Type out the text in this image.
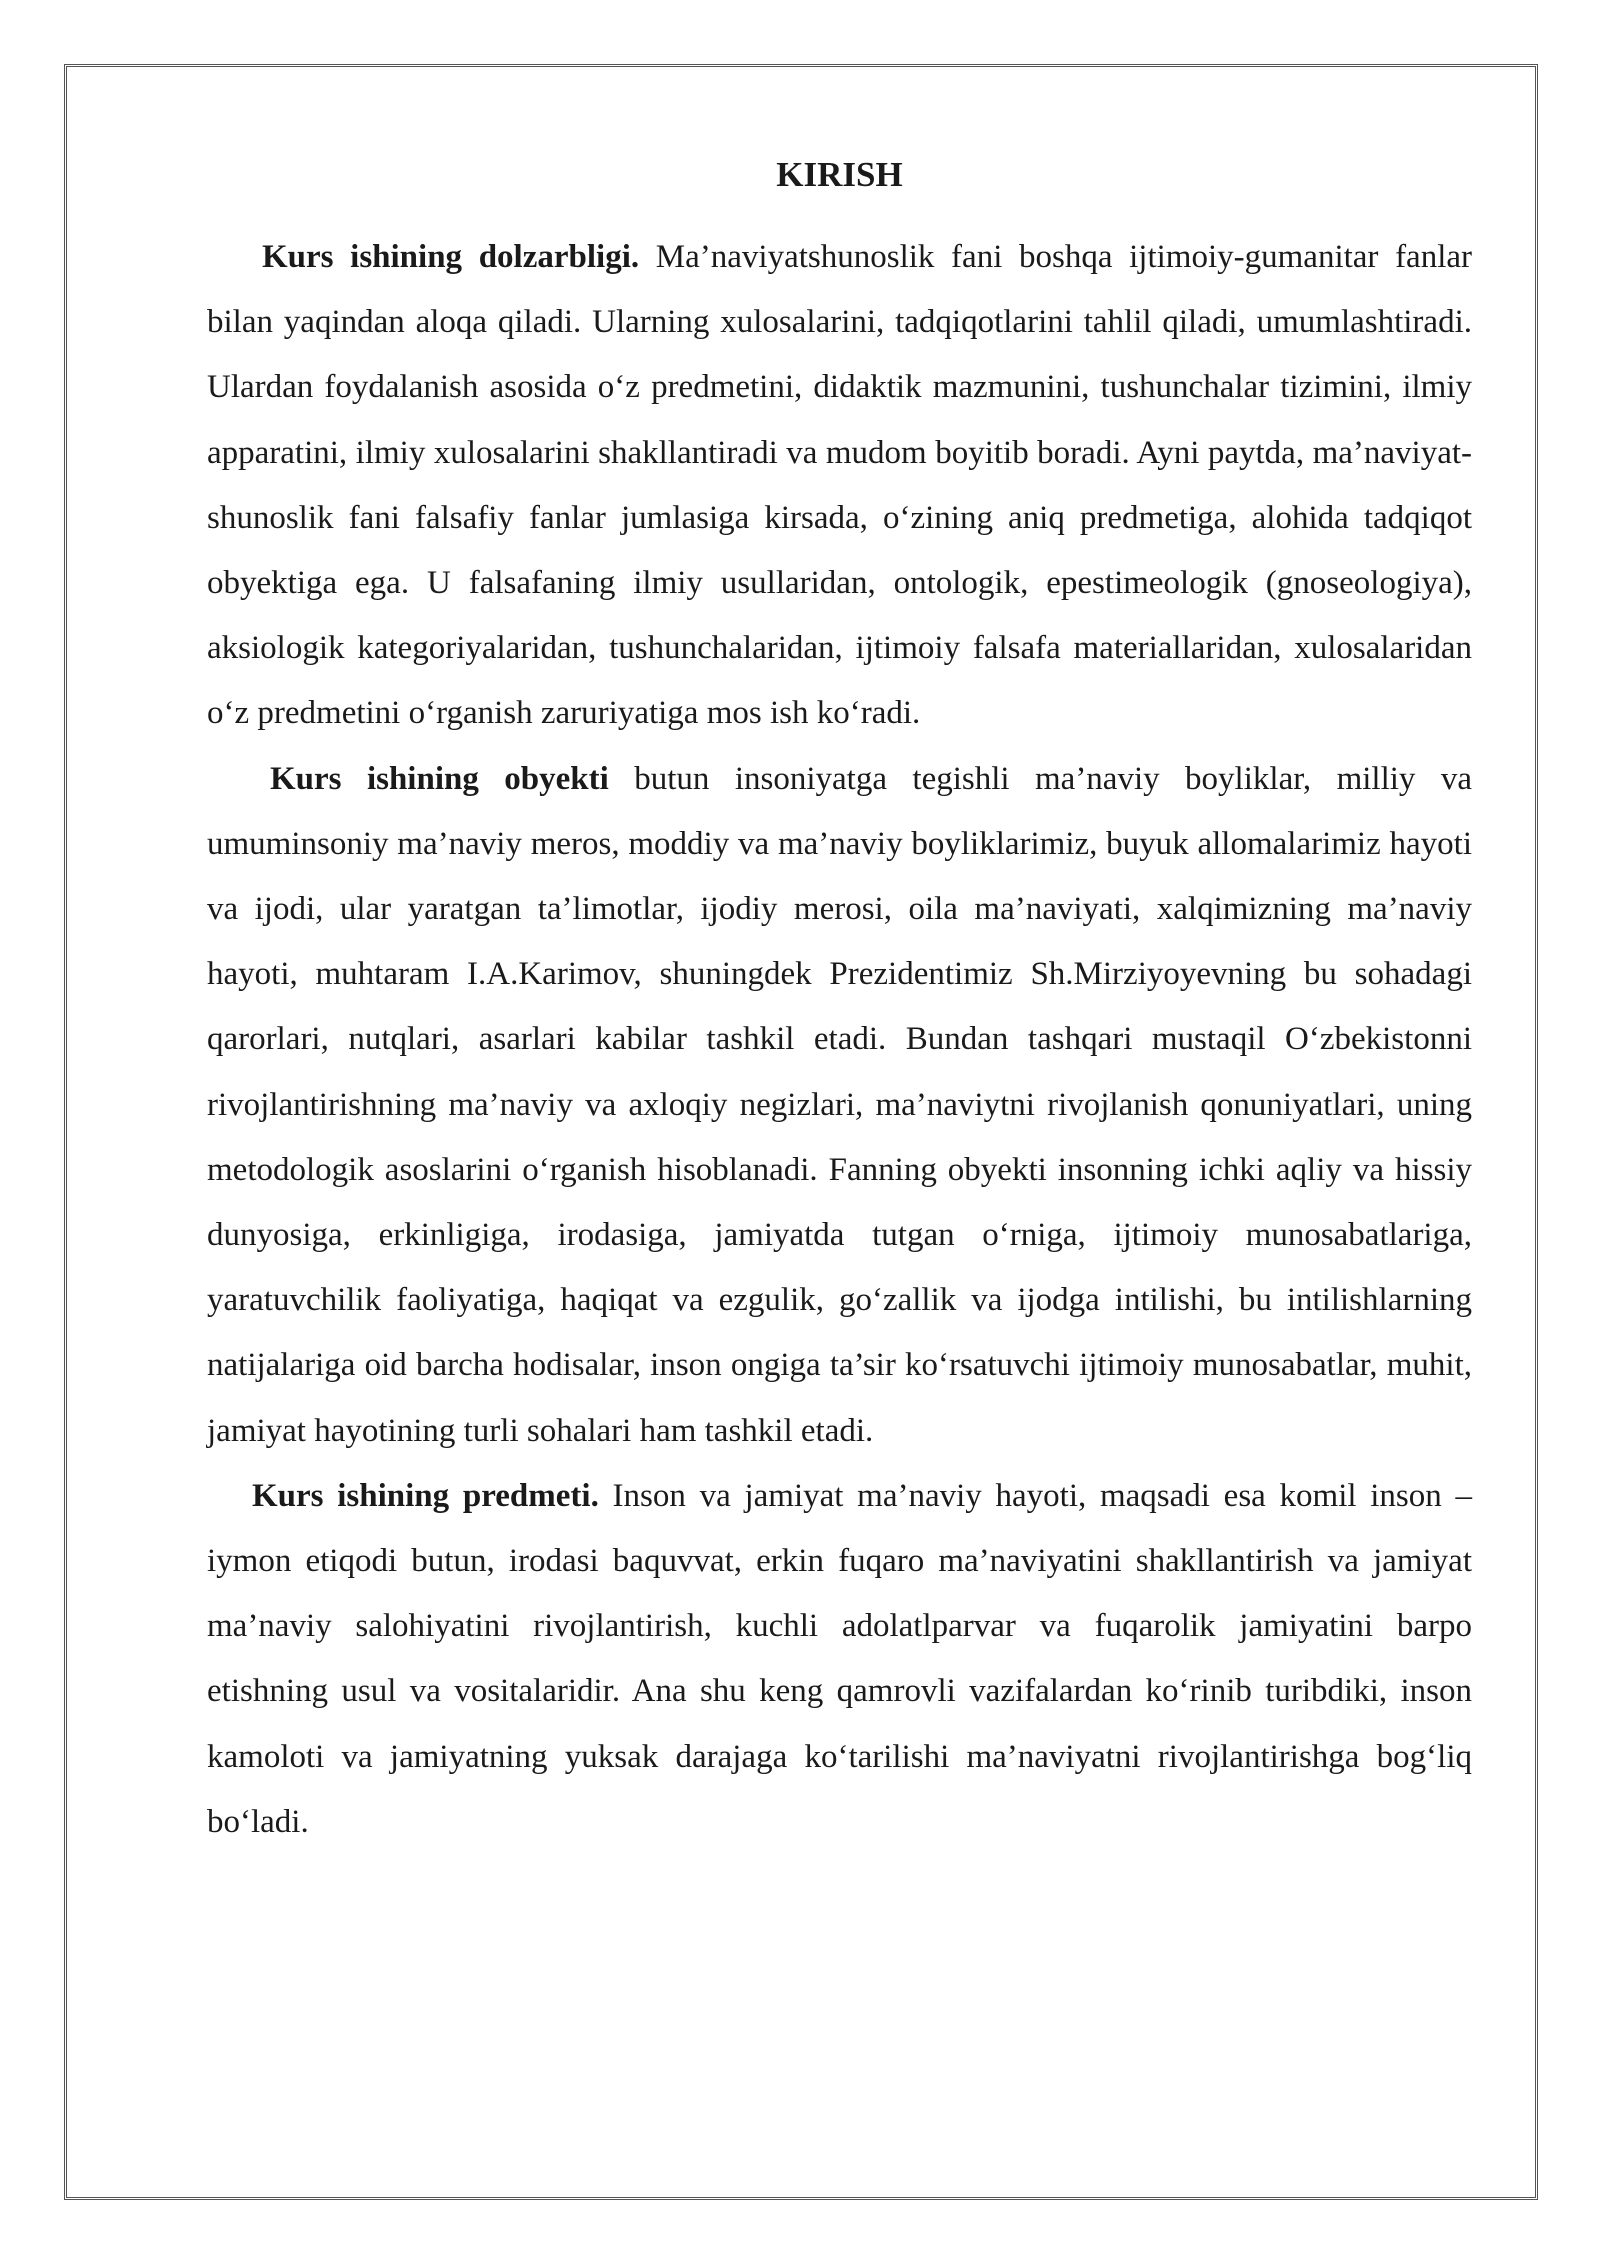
KIRISH

Kurs ishining dolzarbligi. Ma’naviyatshunoslik fani boshqa ijtimoiy-gumanitar fanlar bilan yaqindan aloqa qiladi. Ularning xulosalarini, tadqiqotlarini tahlil qiladi, umumlashtiradi. Ulardan foydalanish asosida o‘z predmetini, didaktik mazmunini, tushunchalar tizimini, ilmiy apparatini, ilmiy xulosalarini shakllantiradi va mudom boyitib boradi. Ayni paytda, ma’naviyat- shunoslik fani falsafiy fanlar jumlasiga kirsada, o‘zining aniq predmetiga, alohida tadqiqot obyektiga ega. U falsafaning ilmiy usullaridan, ontologik, epestimeologik (gnoseologiya), aksiologik kategoriyalaridan, tushunchalaridan, ijtimoiy falsafa materiallaridan, xulosalaridan o‘z predmetini o‘rganish zaruriyatiga mos ish ko‘radi.

Kurs ishining obyekti butun insoniyatga tegishli ma’naviy boyliklar, milliy va umuminsoniy ma’naviy meros, moddiy va ma’naviy boyliklarimiz, buyuk allomalarimiz hayoti va ijodi, ular yaratgan ta’limotlar, ijodiy merosi, oila ma’naviyati, xalqimizning ma’naviy hayoti, muhtaram I.A.Karimov, shuningdek Prezidentimiz Sh.Mirziyoyevning bu sohadagi qarorlari, nutqlari, asarlari kabilar tashkil etadi. Bundan tashqari mustaqil O‘zbekistonni rivojlantirishning ma’naviy va axloqiy negizlari, ma’naviytni rivojlanish qonuniyatlari, uning metodologik asoslarini o‘rganish hisoblanadi. Fanning obyekti insonning ichki aqliy va hissiy dunyosiga, erkinligiga, irodasiga, jamiyatda tutgan o‘rniga, ijtimoiy munosabatlariga, yaratuvchilik faoliyatiga, haqiqat va ezgulik, go‘zallik va ijodga intilishi, bu intilishlarning natijalariga oid barcha hodisalar, inson ongiga ta’sir ko‘rsatuvchi ijtimoiy munosabatlar, muhit, jamiyat hayotining turli sohalari ham tashkil etadi.

Kurs ishining predmeti. Inson va jamiyat ma’naviy hayoti, maqsadi esa komil inson – iymon etiqodi butun, irodasi baquvvat, erkin fuqaro ma’naviyatini shakllantirish va jamiyat ma’naviy salohiyatini rivojlantirish, kuchli adolatlparvar va fuqarolik jamiyatini barpo etishning usul va vositalaridir. Ana shu keng qamrovli vazifalardan ko‘rinib turibdiki, inson kamoloti va jamiyatning yuksak darajaga ko‘tarilishi ma’naviyatni rivojlantirishga bog‘liq bo‘ladi.
